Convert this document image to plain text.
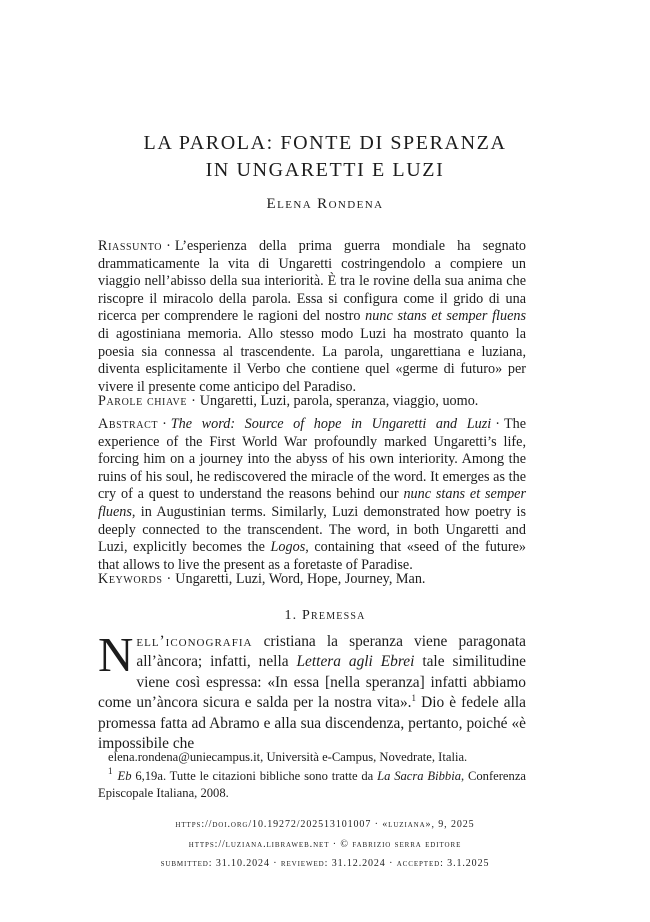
LA PAROLA: FONTE DI SPERANZA
IN UNGARETTI E LUZI
Elena Rondena

Riassunto · L’esperienza della prima guerra mondiale ha segnato drammaticamente la vita di Ungaretti costringendolo a compiere un viaggio nell’abisso della sua interiorità. È tra le rovine della sua anima che riscopre il miracolo della parola. Essa si configura come il grido di una ricerca per comprendere le ragioni del nostro nunc stans et semper fluens di agostiniana memoria. Allo stesso modo Luzi ha mostrato quanto la poesia sia connessa al trascendente. La parola, ungarettiana e luziana, diventa esplicitamente il Verbo che contiene quel «germe di futuro» per vivere il presente come anticipo del Paradiso.

Parole chiave · Ungaretti, Luzi, parola, speranza, viaggio, uomo.

Abstract · The word: Source of hope in Ungaretti and Luzi · The experience of the First World War profoundly marked Ungaretti’s life, forcing him on a journey into the abyss of his own interiority. Among the ruins of his soul, he rediscovered the miracle of the word. It emerges as the cry of a quest to understand the reasons behind our nunc stans et semper fluens, in Augustinian terms. Similarly, Luzi demonstrated how poetry is deeply connected to the transcendent. The word, in both Ungaretti and Luzi, explicitly becomes the Logos, containing that «seed of the future» that allows to live the present as a foretaste of Paradise.

Keywords · Ungaretti, Luzi, Word, Hope, Journey, Man.

1. Premessa

Nell’iconografia cristiana la speranza viene paragonata all’àncora; infatti, nella Lettera agli Ebrei tale similitudine viene così espressa: «In essa [nella speranza] infatti abbiamo come un’àncora sicura e salda per la nostra vita».$^1$ Dio è fedele alla promessa fatta ad Abramo e alla sua discendenza, pertanto, poiché «è impossibile che

elena.rondena@uniecampus.it, Università e-Campus, Novedrate, Italia.
$^1$ Eb 6,19a. Tutte le citazioni bibliche sono tratte da La Sacra Bibbia, Conferenza Episcopale Italiana, 2008.
https://doi.org/10.19272/202513101007 · «luziana», 9, 2025
https://luziana.libraweb.net · © fabrizio serra editore
submitted: 31.10.2024 · reviewed: 31.12.2024 · accepted: 3.1.2025
